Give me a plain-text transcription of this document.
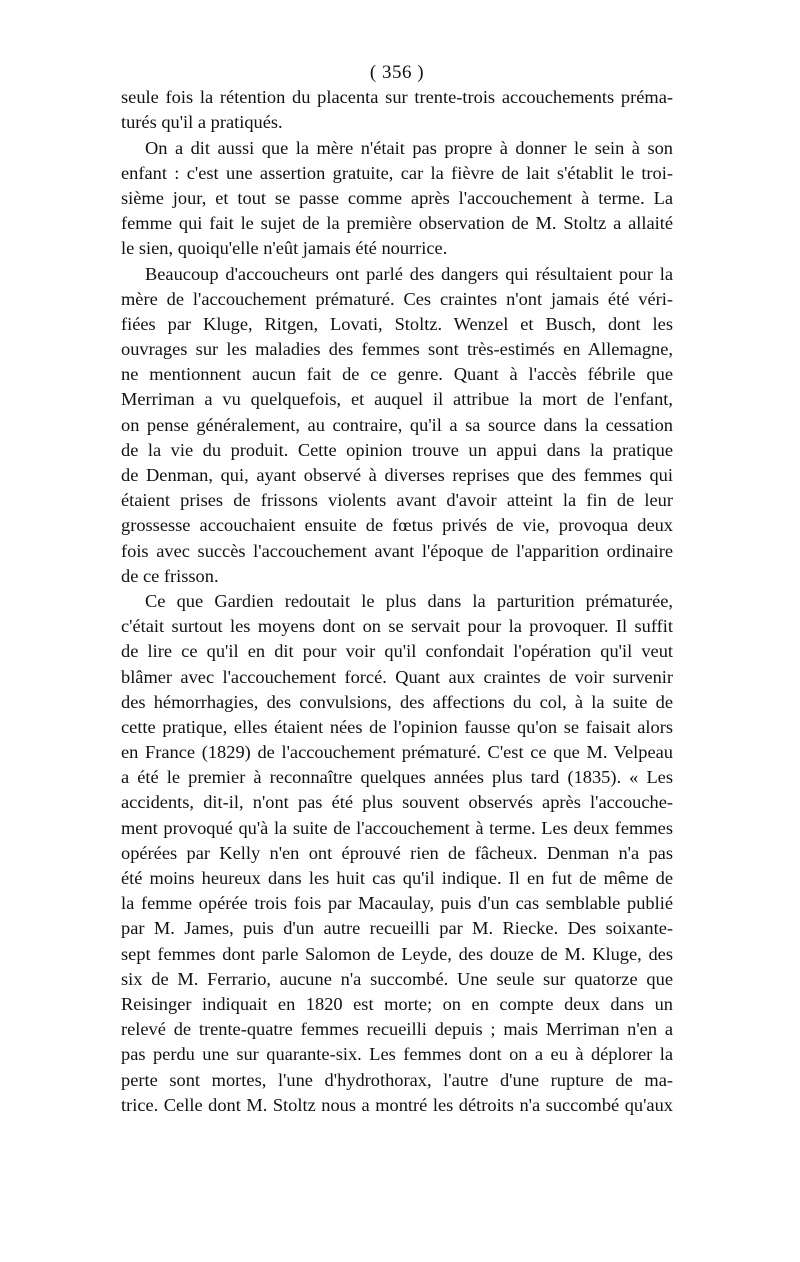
( 356 )
seule fois la rétention du placenta sur trente-trois accouchements préma-
turés qu'il a pratiqués.
On a dit aussi que la mère n'était pas propre à donner le sein à son
enfant : c'est une assertion gratuite, car la fièvre de lait s'établit le troi-
sième jour, et tout se passe comme après l'accouchement à terme. La
femme qui fait le sujet de la première observation de M. Stoltz a allaité
le sien, quoiqu'elle n'eût jamais été nourrice.
Beaucoup d'accoucheurs ont parlé des dangers qui résultaient pour la
mère de l'accouchement prématuré. Ces craintes n'ont jamais été véri-
fiées par Kluge, Ritgen, Lovati, Stoltz. Wenzel et Busch, dont les
ouvrages sur les maladies des femmes sont très-estimés en Allemagne,
ne mentionnent aucun fait de ce genre. Quant à l'accès fébrile que
Merriman a vu quelquefois, et auquel il attribue la mort de l'enfant,
on pense généralement, au contraire, qu'il a sa source dans la cessation
de la vie du produit. Cette opinion trouve un appui dans la pratique
de Denman, qui, ayant observé à diverses reprises que des femmes qui
étaient prises de frissons violents avant d'avoir atteint la fin de leur
grossesse accouchaient ensuite de fœtus privés de vie, provoqua deux
fois avec succès l'accouchement avant l'époque de l'apparition ordinaire
de ce frisson.
Ce que Gardien redoutait le plus dans la parturition prématurée,
c'était surtout les moyens dont on se servait pour la provoquer. Il suffit
de lire ce qu'il en dit pour voir qu'il confondait l'opération qu'il veut
blâmer avec l'accouchement forcé. Quant aux craintes de voir survenir
des hémorrhagies, des convulsions, des affections du col, à la suite de
cette pratique, elles étaient nées de l'opinion fausse qu'on se faisait alors
en France (1829) de l'accouchement prématuré. C'est ce que M. Velpeau
a été le premier à reconnaître quelques années plus tard (1835). « Les
accidents, dit-il, n'ont pas été plus souvent observés après l'accouche-
ment provoqué qu'à la suite de l'accouchement à terme. Les deux femmes
opérées par Kelly n'en ont éprouvé rien de fâcheux. Denman n'a pas
été moins heureux dans les huit cas qu'il indique. Il en fut de même de
la femme opérée trois fois par Macaulay, puis d'un cas semblable publié
par M. James, puis d'un autre recueilli par M. Riecke. Des soixante-
sept femmes dont parle Salomon de Leyde, des douze de M. Kluge, des
six de M. Ferrario, aucune n'a succombé. Une seule sur quatorze que
Reisinger indiquait en 1820 est morte; on en compte deux dans un
relevé de trente-quatre femmes recueilli depuis ; mais Merriman n'en a
pas perdu une sur quarante-six. Les femmes dont on a eu à déplorer la
perte sont mortes, l'une d'hydrothorax, l'autre d'une rupture de ma-
trice. Celle dont M. Stoltz nous a montré les détroits n'a succombé qu'aux
